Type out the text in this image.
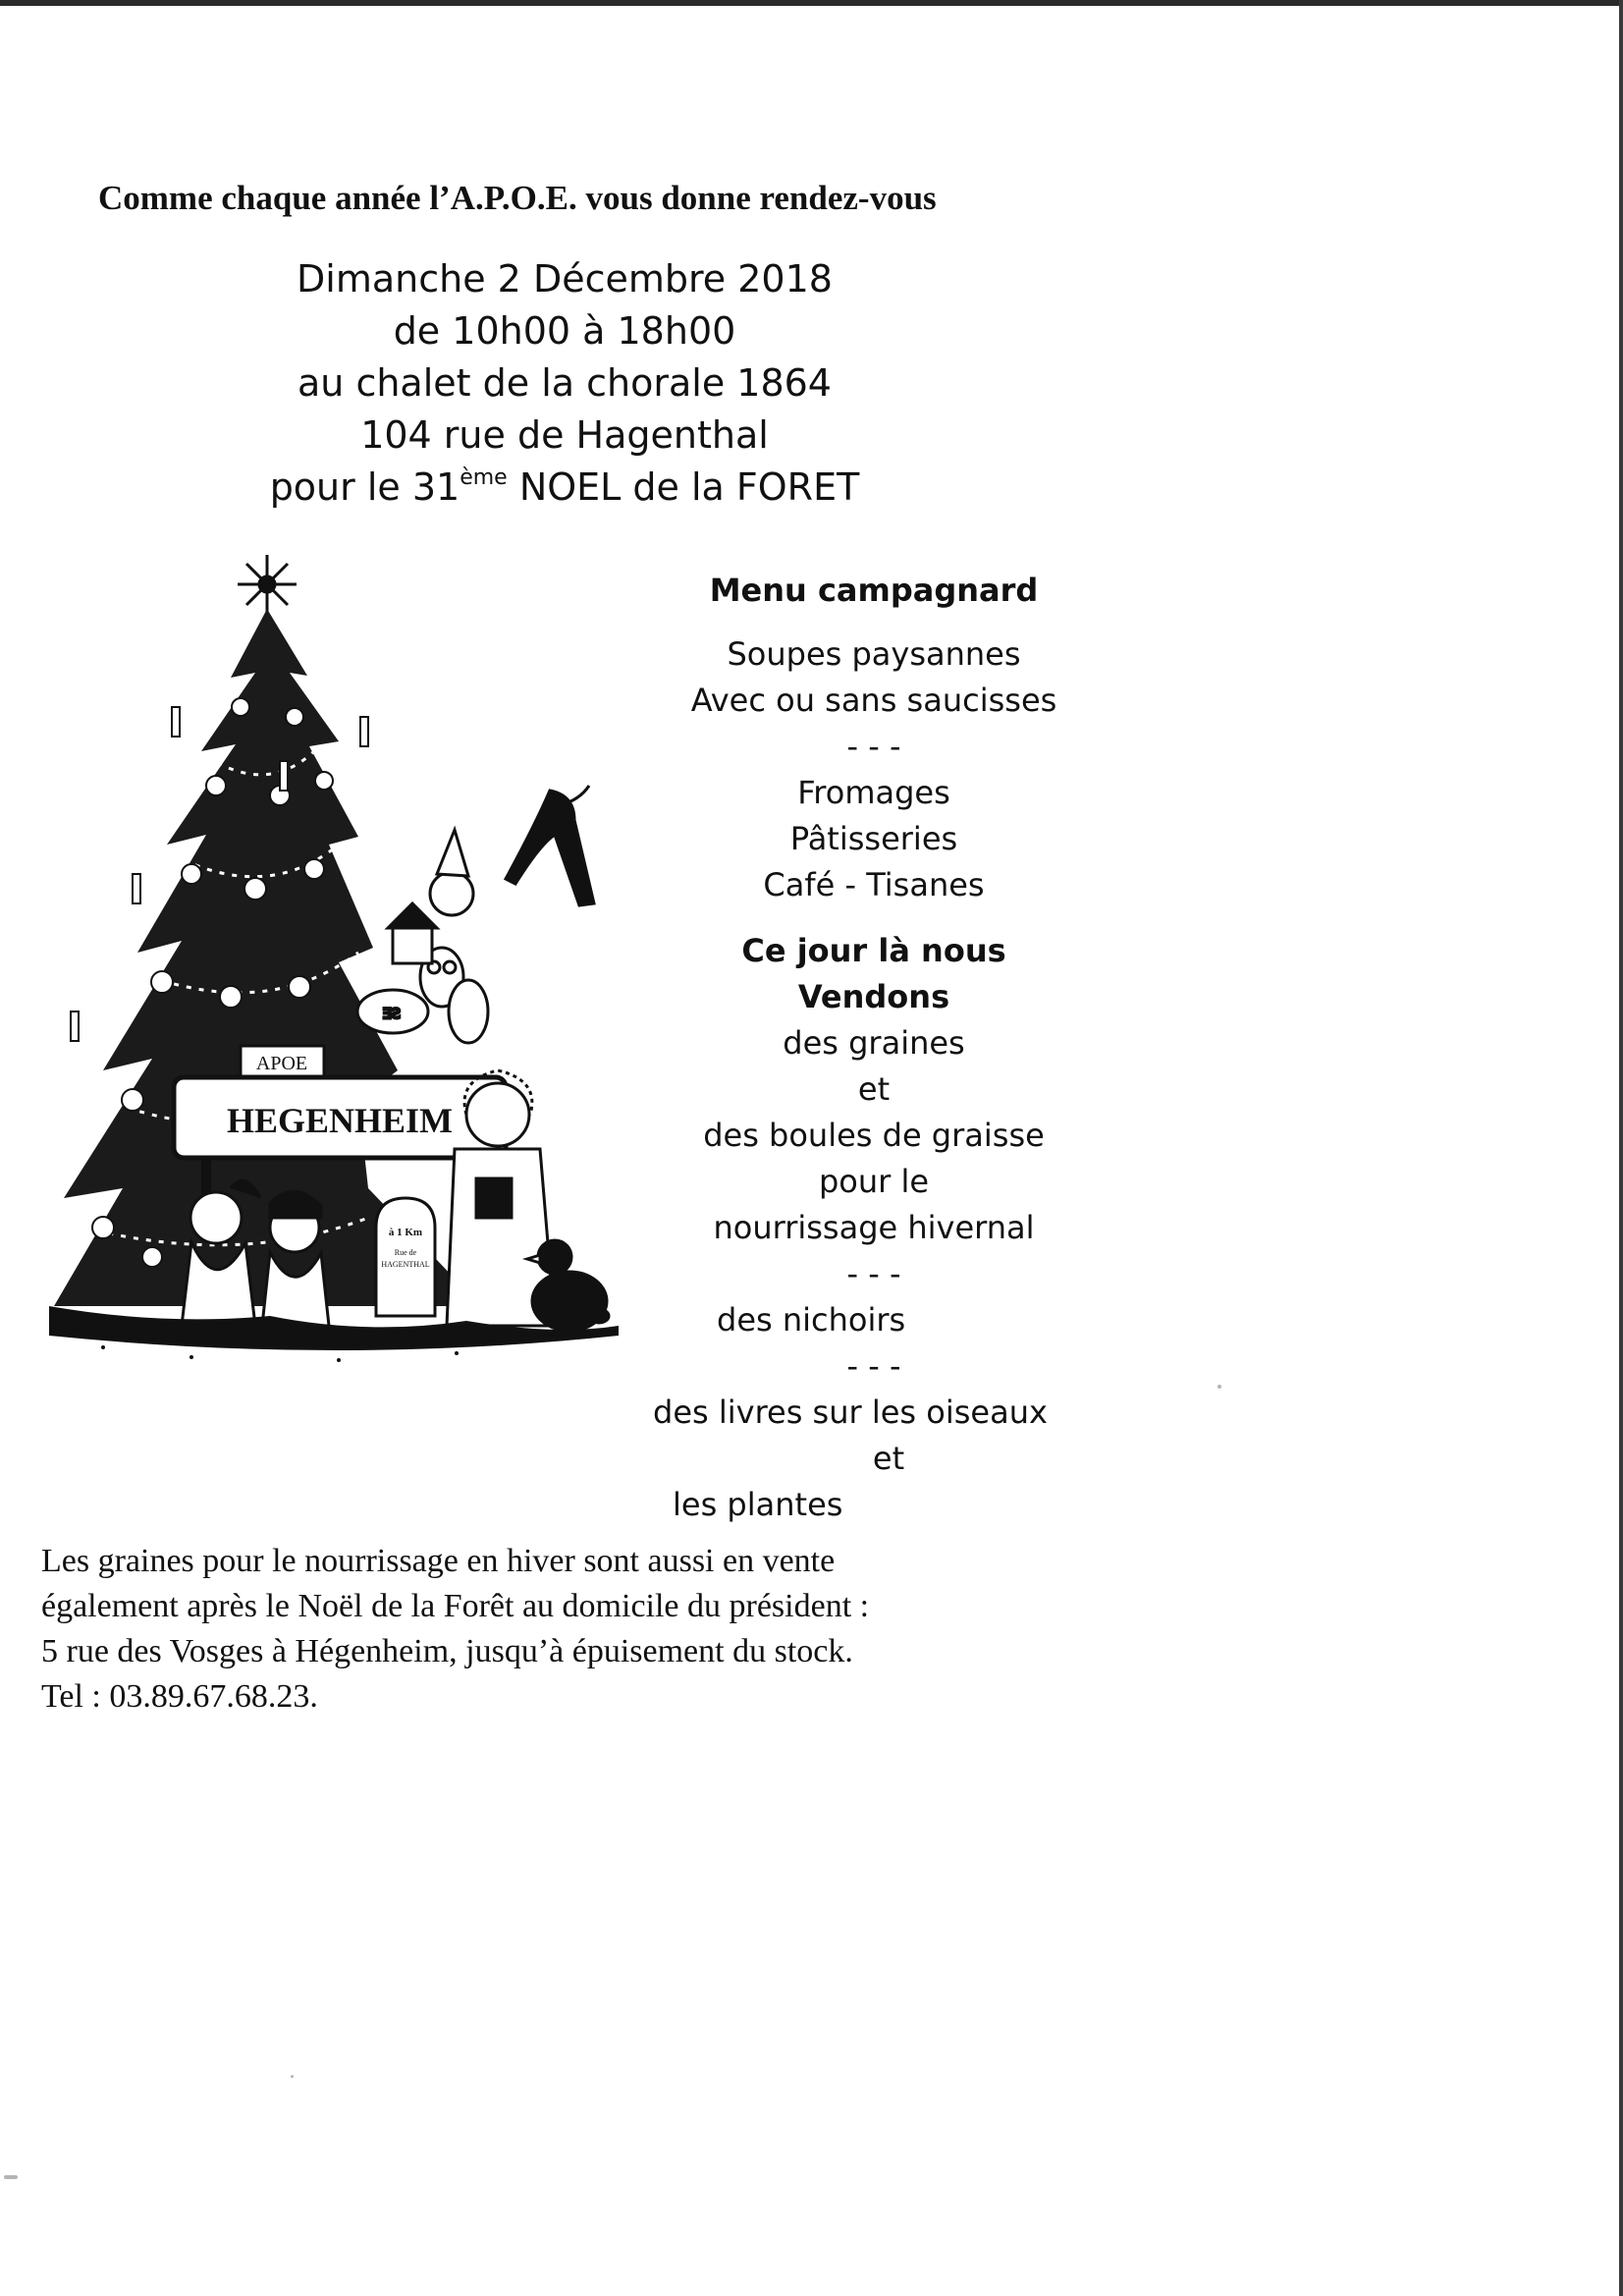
Comme chaque année l’A.P.O.E. vous donne rendez-vous
Dimanche 2 Décembre 2018
de 10h00 à 18h00
au chalet de la chorale 1864
104 rue de Hagenthal
pour le 31ème NOEL de la FORET
APOE
HEGENHEIM
à 1 Km
Rue de
HAGENTHAL
ƎƧ
Menu campagnard
Soupes paysannes
Avec ou sans saucisses
- - -
Fromages
Pâtisseries
Café - Tisanes
Ce jour là nous
Vendons
des graines
et
des boules de graisse
pour le
nourrissage hivernal
- - -
des nichoirs
- - -
des livres sur les oiseaux
et
les plantes
Les graines pour le nourrissage en hiver sont aussi en vente
également après le Noël de la Forêt au domicile du président :
5 rue des Vosges à Hégenheim, jusqu’à épuisement du stock.
Tel : 03.89.67.68.23.
